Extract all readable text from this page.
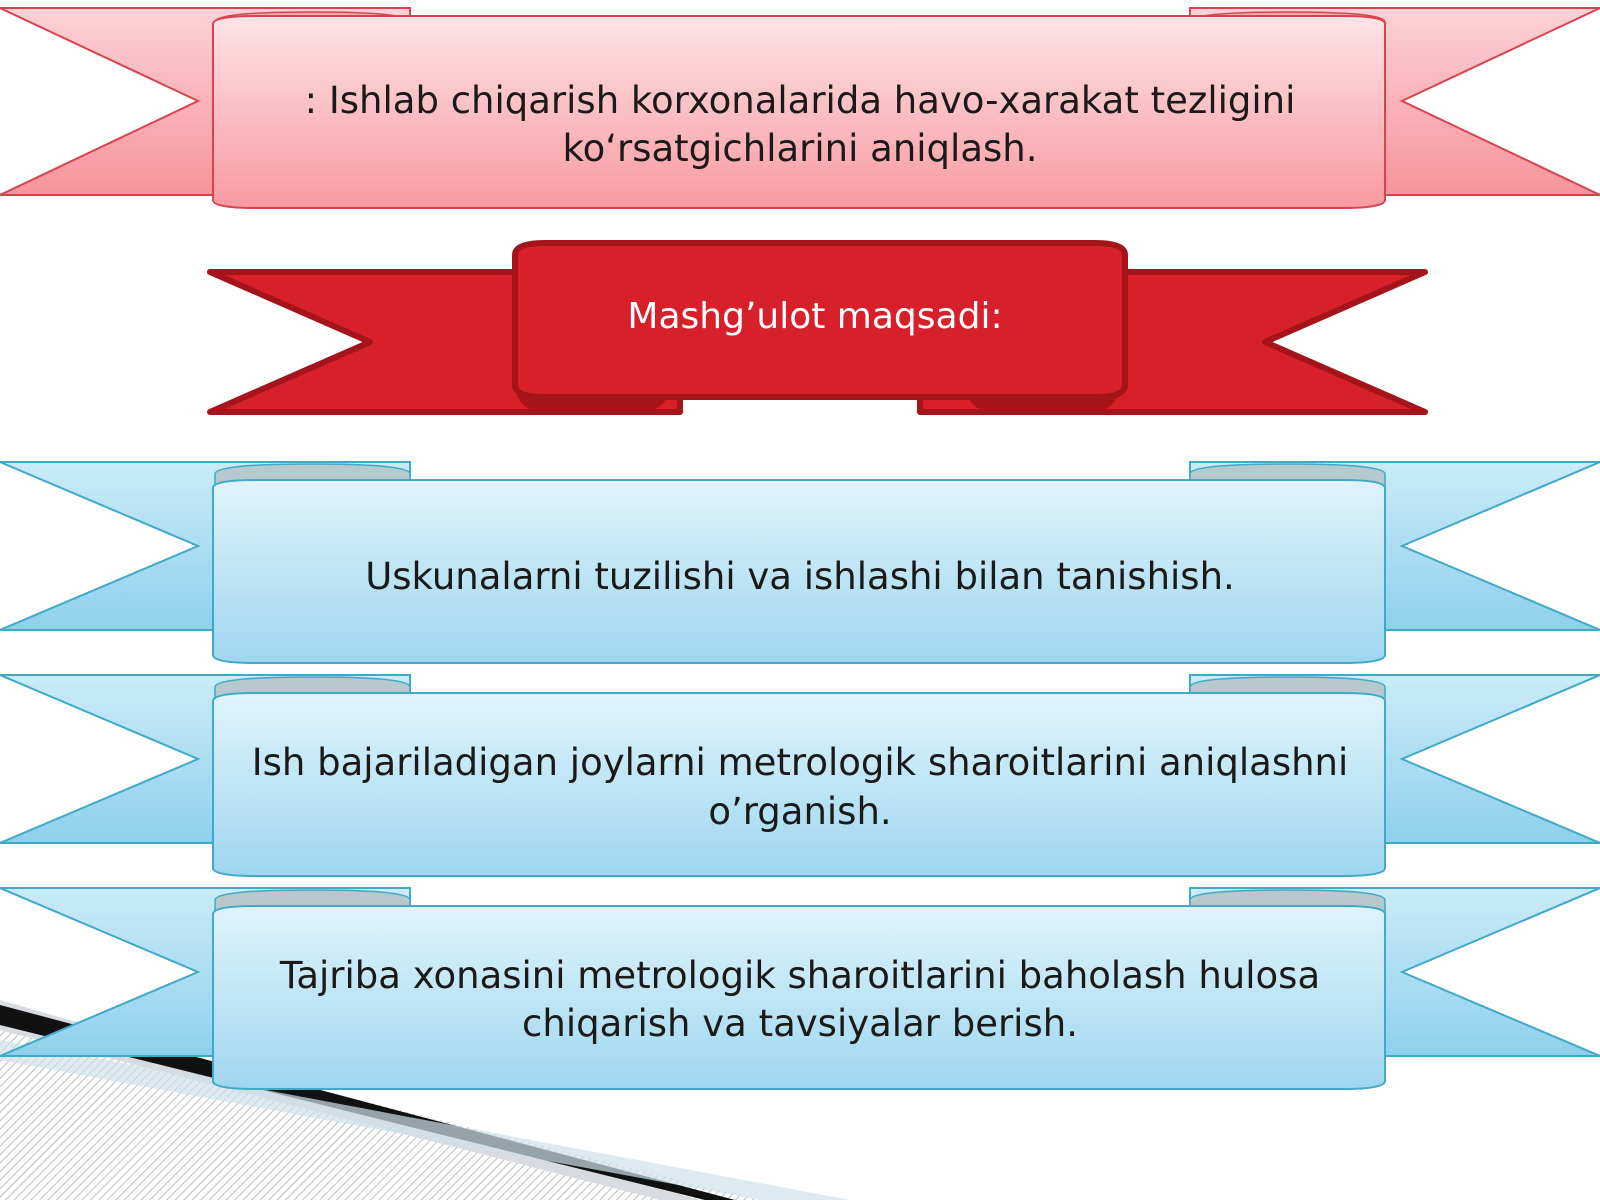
: Ishlab chiqarish korxonalarida havo-xarakat tezligini ko‘rsatgichlarini aniqlash.
Mashg’ulot maqsadi:
Uskunalarni tuzilishi va ishlashi bilan tanishish.
Ish bajariladigan joylarni metrologik sharoitlarini aniqlashni o’rganish.
Tajriba xonasini metrologik sharoitlarini baholash hulosa chiqarish va tavsiyalar berish.
